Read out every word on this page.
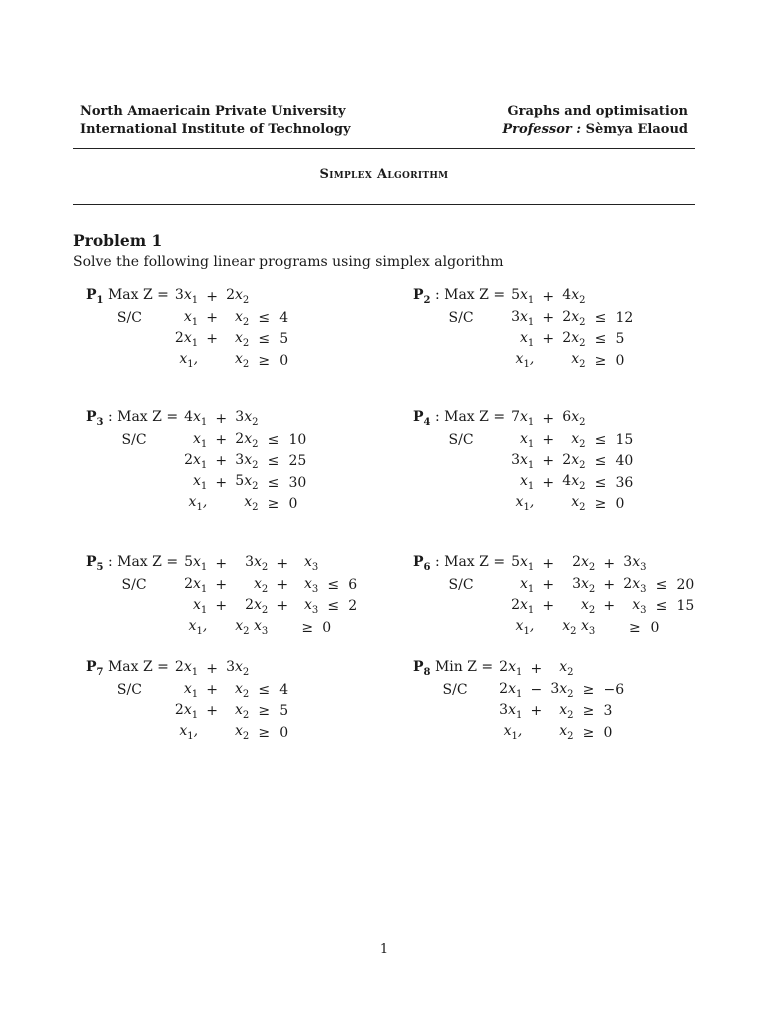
North Amaericain Private University
International Institute of Technology
Graphs and optimisation
Professor : Sèmya Elaoud
Simplex Algorithm
Problem 1
Solve the following linear programs using simplex algorithm
$P_1$ Max Z =	$3x_1$	+	$2x_2$
S/C	$x_1$	+	$x_2$	≤	4
	$2x_1$	+	$x_2$	≤	5
	$x_1$,		$x_2$	≥	0
$P_2$ : Max Z =	$5x_1$	+	$4x_2$
S/C	$3x_1$	+	$2x_2$	≤	12
	$x_1$	+	$2x_2$	≤	5
	$x_1$,		$x_2$	≥	0
$P_3$ : Max Z =	$4x_1$	+	$3x_2$
S/C	$x_1$	+	$2x_2$	≤	10
	$2x_1$	+	$3x_2$	≤	25
	$x_1$	+	$5x_2$	≤	30
	$x_1$,		$x_2$	≥	0
$P_4$ : Max Z =	$7x_1$	+	$6x_2$
S/C	$x_1$	+	$x_2$	≤	15
	$3x_1$	+	$2x_2$	≤	40
	$x_1$	+	$4x_2$	≤	36
	$x_1$,		$x_2$	≥	0
$P_5$ : Max Z =	$5x_1$	+	$3x_2$	+	$x_3$
S/C	$2x_1$	+	$x_2$	+	$x_3$	≤	6
	$x_1$	+	$2x_2$	+	$x_3$	≤	2
	$x_1$,		$x_2$ $x_3$		≥	0	
$P_6$ : Max Z =	$5x_1$	+	$2x_2$	+	$3x_3$
S/C	$x_1$	+	$3x_2$	+	$2x_3$	≤	20
	$2x_1$	+	$x_2$	+	$x_3$	≤	15
	$x_1$,		$x_2$ $x_3$		≥	0	
$P_7$ Max Z =	$2x_1$	+	$3x_2$
S/C	$x_1$	+	$x_2$	≤	4
	$2x_1$	+	$x_2$	≥	5
	$x_1$,		$x_2$	≥	0
$P_8$ Min Z =	$2x_1$	+	$x_2$
S/C	$2x_1$	−	$3x_2$	≥	−6
	$3x_1$	+	$x_2$	≥	3
	$x_1$,		$x_2$	≥	0
1
